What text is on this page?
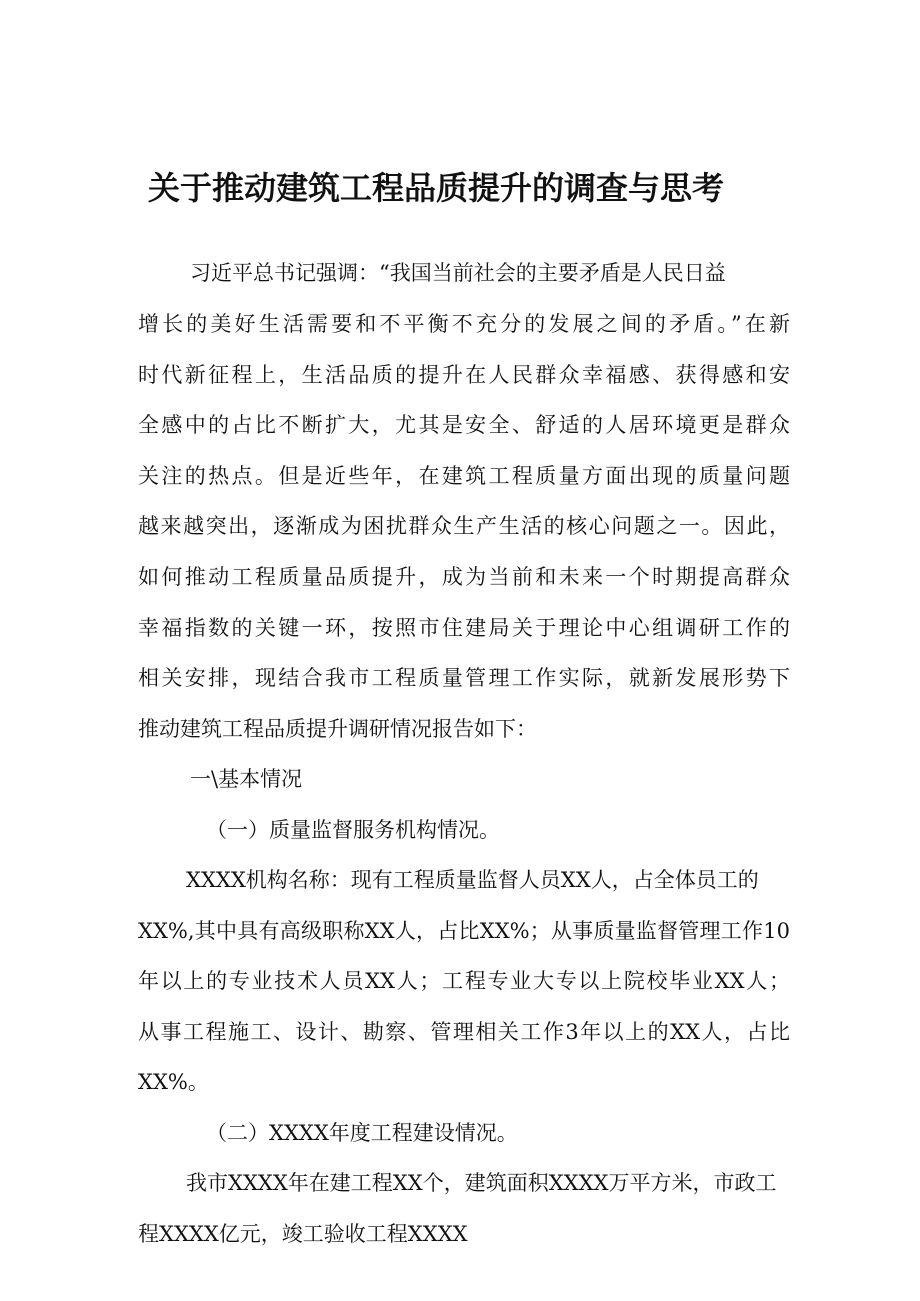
关于推动建筑工程品质提升的调查与思考

习近平总书记强调：“我国当前社会的主要矛盾是人民日益

增长的美好生活需要和不平衡不充分的发展之间的矛盾。”在新

时代新征程上，生活品质的提升在人民群众幸福感、获得感和安

全感中的占比不断扩大，尤其是安全、舒适的人居环境更是群众

关注的热点。但是近些年，在建筑工程质量方面出现的质量问题

越来越突出，逐渐成为困扰群众生产生活的核心问题之一。因此，

如何推动工程质量品质提升，成为当前和未来一个时期提高群众

幸福指数的关键一环，按照市住建局关于理论中心组调研工作的

相关安排，现结合我市工程质量管理工作实际，就新发展形势下

推动建筑工程品质提升调研情况报告如下：

一\基本情况

（一）质量监督服务机构情况。

XXXX机构名称：现有工程质量监督人员XX人，占全体员工的

XX%,其中具有高级职称XX人，占比XX%；从事质量监督管理工作10

年以上的专业技术人员XX人；工程专业大专以上院校毕业XX人；

从事工程施工、设计、勘察、管理相关工作3年以上的XX人，占比

XX%。

（二）XXXX年度工程建设情况。

我市XXXX年在建工程XX个，建筑面积XXXX万平方米，市政工

程XXXX亿元，竣工验收工程XXXX
